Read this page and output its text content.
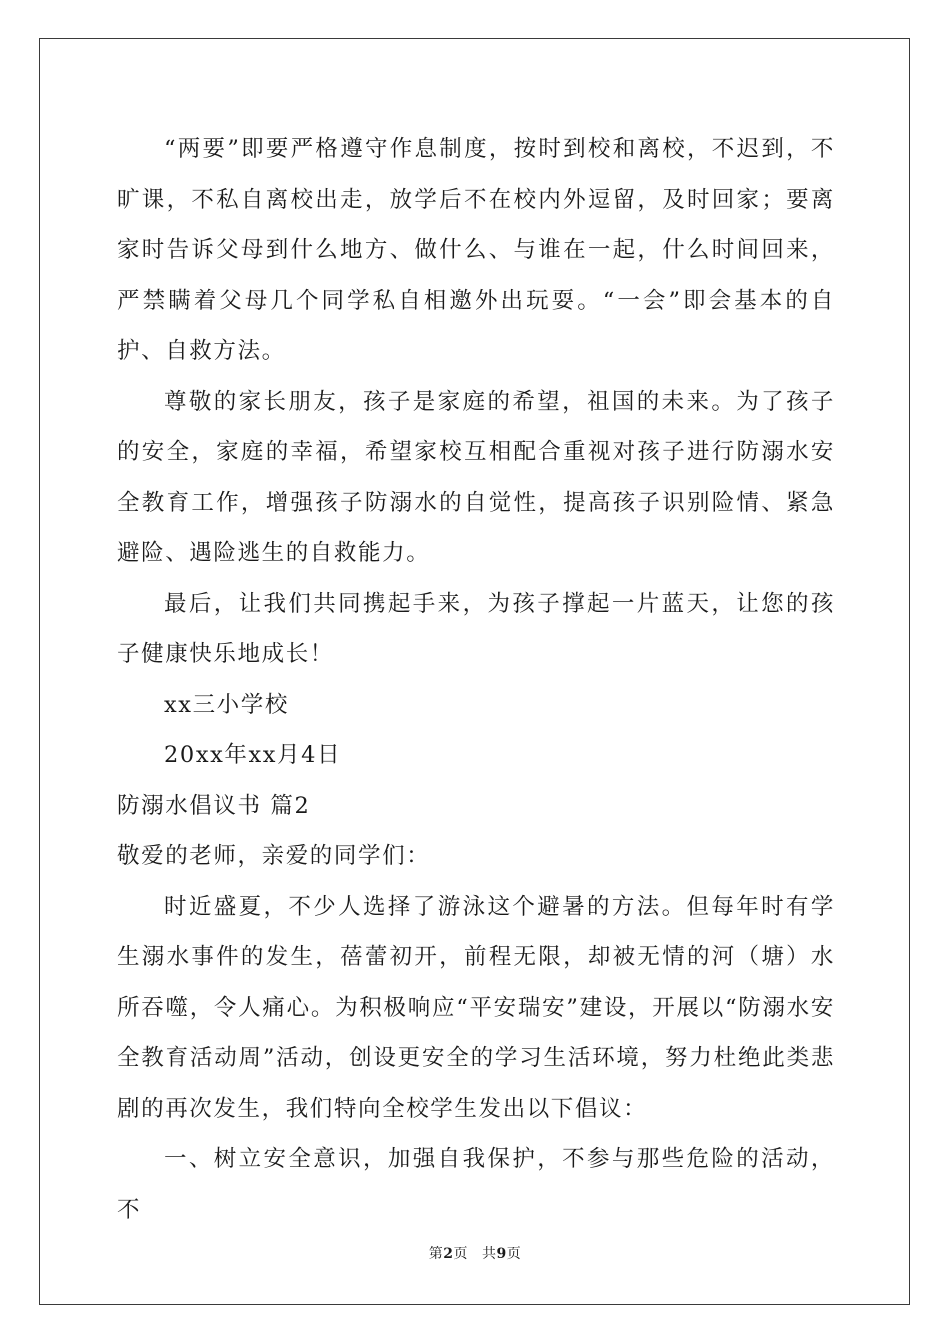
“两要”即要严格遵守作息制度，按时到校和离校，不迟到，不旷课，不私自离校出走，放学后不在校内外逗留，及时回家；要离家时告诉父母到什么地方、做什么、与谁在一起，什么时间回来，严禁瞒着父母几个同学私自相邀外出玩耍。“一会”即会基本的自护、自救方法。

尊敬的家长朋友，孩子是家庭的希望，祖国的未来。为了孩子的安全，家庭的幸福，希望家校互相配合重视对孩子进行防溺水安全教育工作，增强孩子防溺水的自觉性，提高孩子识别险情、紧急避险、遇险逃生的自救能力。

最后，让我们共同携起手来，为孩子撑起一片蓝天，让您的孩子健康快乐地成长！

xx三小学校

20xx年xx月4日

防溺水倡议书 篇2

敬爱的老师，亲爱的同学们：

时近盛夏，不少人选择了游泳这个避暑的方法。但每年时有学生溺水事件的发生，蓓蕾初开，前程无限，却被无情的河（塘）水所吞噬，令人痛心。为积极响应“平安瑞安”建设，开展以“防溺水安全教育活动周”活动，创设更安全的学习生活环境，努力杜绝此类悲剧的再次发生，我们特向全校学生发出以下倡议：

一、树立安全意识，加强自我保护，不参与那些危险的活动，不

第2页 共9页
